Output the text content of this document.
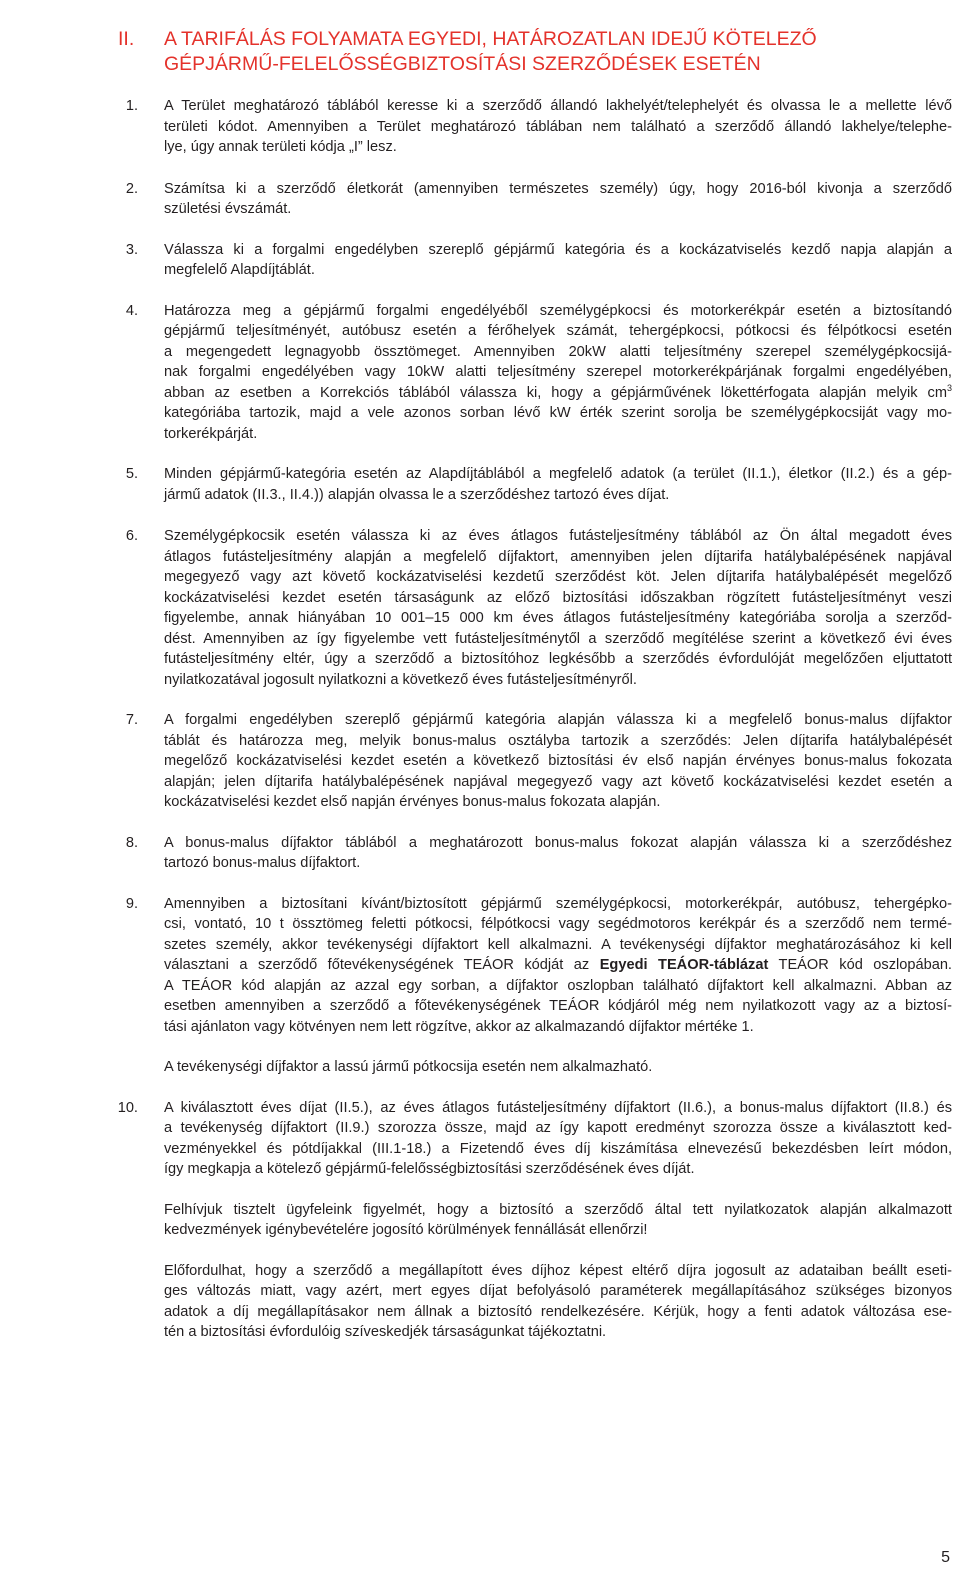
II.	A TARIFÁLÁS FOLYAMATA EGYEDI, HATÁROZATLAN IDEJŰ KÖTELEZŐ
GÉPJÁRMŰ-FELELŐSSÉGBIZTOSÍTÁSI SZERZŐDÉSEK ESETÉN
1.	A Terület meghatározó táblából keresse ki a szerződő állandó lakhelyét/telephelyét és olvassa le a mellette lévő
területi kódot. Amennyiben a Terület meghatározó táblában nem található a szerződő állandó lakhelye/telephe-
lye, úgy annak területi kódja „I” lesz.
2.	Számítsa ki a szerződő életkorát (amennyiben természetes személy) úgy, hogy 2016-ból kivonja a szerződő
születési évszámát.
3.	Válassza ki a forgalmi engedélyben szereplő gépjármű kategória és a kockázatviselés kezdő napja alapján a
megfelelő Alapdíjtáblát.
4.	Határozza meg a gépjármű forgalmi engedélyéből személygépkocsi és motorkerékpár esetén a biztosítandó
gépjármű teljesítményét, autóbusz esetén a férőhelyek számát, tehergépkocsi, pótkocsi és félpótkocsi esetén
a megengedett legnagyobb össztömeget. Amennyiben 20kW alatti teljesítmény szerepel személygépkocsijá-
nak forgalmi engedélyében vagy 10kW alatti teljesítmény szerepel motorkerékpárjának forgalmi engedélyében,
abban az esetben a Korrekciós táblából válassza ki, hogy a gépjárművének lökettérfogata alapján melyik $cm^3$
kategóriába tartozik, majd a vele azonos sorban lévő kW érték szerint sorolja be személygépkocsiját vagy mo-
torkerékpárját.
5.	Minden gépjármű-kategória esetén az Alapdíjtáblából a megfelelő adatok (a terület (II.1.), életkor (II.2.) és a gép-
jármű adatok (II.3., II.4.)) alapján olvassa le a szerződéshez tartozó éves díjat.
6.	Személygépkocsik esetén válassza ki az éves átlagos futásteljesítmény táblából az Ön által megadott éves
átlagos futásteljesítmény alapján a megfelelő díjfaktort, amennyiben jelen díjtarifa hatálybalépésének napjával
megegyező vagy azt követő kockázatviselési kezdetű szerződést köt. Jelen díjtarifa hatálybalépését megelőző
kockázatviselési kezdet esetén társaságunk az előző biztosítási időszakban rögzített futásteljesítményt veszi
figyelembe, annak hiányában 10 001–15 000 km éves átlagos futásteljesítmény kategóriába sorolja a szerződ-
dést. Amennyiben az így figyelembe vett futásteljesítménytől a szerződő megítélése szerint a következő évi éves
futásteljesítmény eltér, úgy a szerződő a biztosítóhoz legkésőbb a szerződés évfordulóját megelőzően eljuttatott
nyilatkozatával jogosult nyilatkozni a következő éves futásteljesítményről.
7.	A forgalmi engedélyben szereplő gépjármű kategória alapján válassza ki a megfelelő bonus-malus díjfaktor
táblát és határozza meg, melyik bonus-malus osztályba tartozik a szerződés: Jelen díjtarifa hatálybalépését
megelőző kockázatviselési kezdet esetén a következő biztosítási év első napján érvényes bonus-malus fokozata
alapján; jelen díjtarifa hatálybalépésének napjával megegyező vagy azt követő kockázatviselési kezdet esetén a
kockázatviselési kezdet első napján érvényes bonus-malus fokozata alapján.
8.	A bonus-malus díjfaktor táblából a meghatározott bonus-malus fokozat alapján válassza ki a szerződéshez
tartozó bonus-malus díjfaktort.
9.	Amennyiben a biztosítani kívánt/biztosított gépjármű személygépkocsi, motorkerékpár, autóbusz, tehergépko-
csi, vontató, 10 t össztömeg feletti pótkocsi, félpótkocsi vagy segédmotoros kerékpár és a szerződő nem termé-
szetes személy, akkor tevékenységi díjfaktort kell alkalmazni. A tevékenységi díjfaktor meghatározásához ki kell
választani a szerződő főtevékenységének TEÁOR kódját az Egyedi TEÁOR-táblázat TEÁOR kód oszlopában.
A TEÁOR kód alapján az azzal egy sorban, a díjfaktor oszlopban található díjfaktort kell alkalmazni. Abban az
esetben amennyiben a szerződő a főtevékenységének TEÁOR kódjáról még nem nyilatkozott vagy az a biztosí-
tási ajánlaton vagy kötvényen nem lett rögzítve, akkor az alkalmazandó díjfaktor mértéke 1.
A tevékenységi díjfaktor a lassú jármű pótkocsija esetén nem alkalmazható.
10.	A kiválasztott éves díjat (II.5.), az éves átlagos futásteljesítmény díjfaktort (II.6.), a bonus-malus díjfaktort (II.8.) és
a tevékenység díjfaktort (II.9.) szorozza össze, majd az így kapott eredményt szorozza össze a kiválasztott ked-
vezményekkel és pótdíjakkal (III.1-18.) a Fizetendő éves díj kiszámítása elnevezésű bekezdésben leírt módon,
így megkapja a kötelező gépjármű-felelősségbiztosítási szerződésének éves díját.
Felhívjuk tisztelt ügyfeleink figyelmét, hogy a biztosító a szerződő által tett nyilatkozatok alapján alkalmazott
kedvezmények igénybevételére jogosító körülmények fennállását ellenőrzi!
Előfordulhat, hogy a szerződő a megállapított éves díjhoz képest eltérő díjra jogosult az adataiban beállt eseti-
ges változás miatt, vagy azért, mert egyes díjat befolyásoló paraméterek megállapításához szükséges bizonyos
adatok a díj megállapításakor nem állnak a biztosító rendelkezésére. Kérjük, hogy a fenti adatok változása ese-
tén a biztosítási évfordulóig szíveskedjék társaságunkat tájékoztatni.
5
